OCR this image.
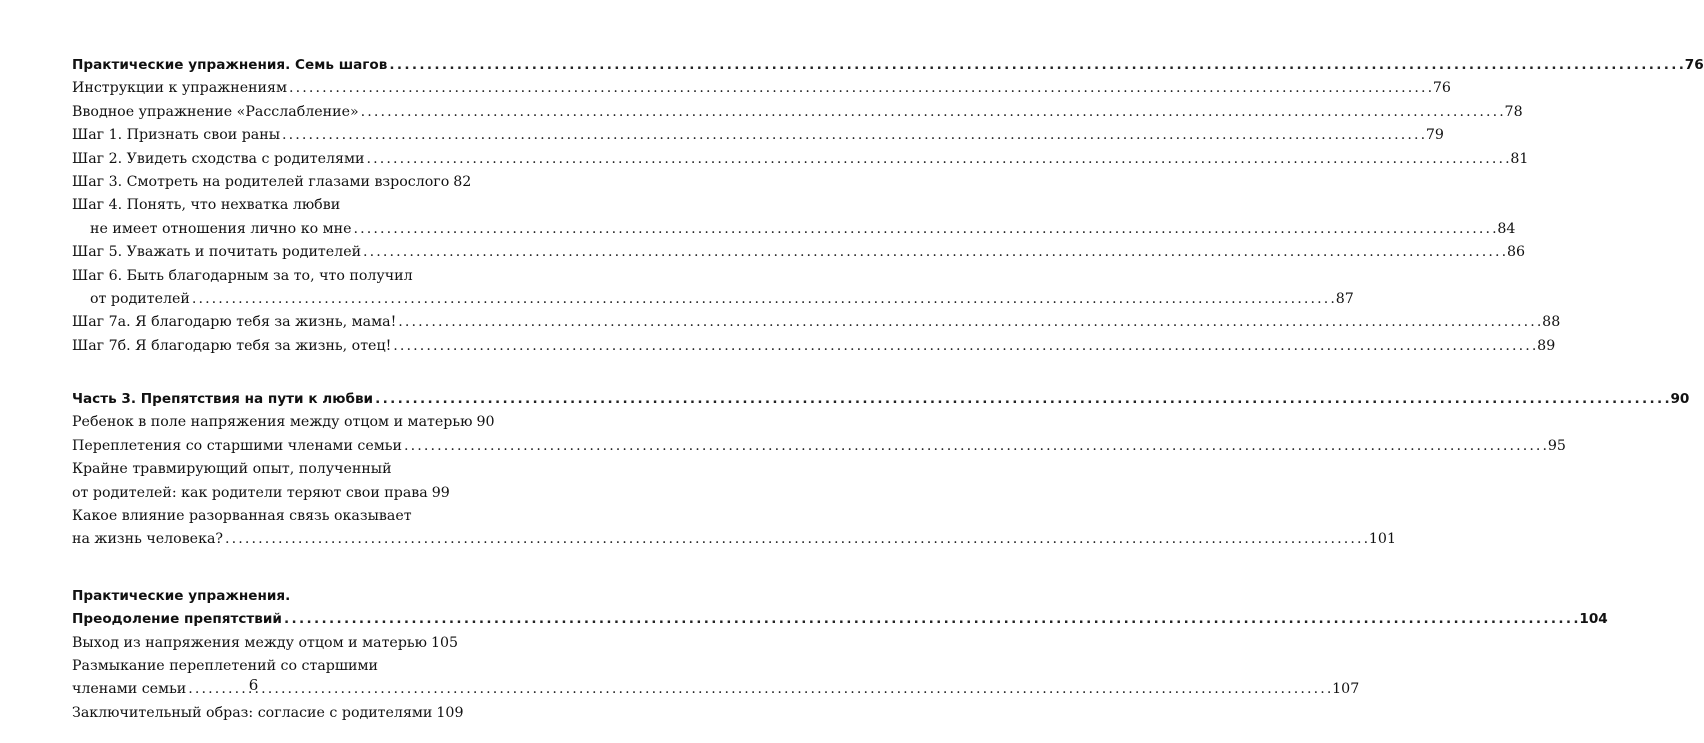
Практические упражнения. Семь шагов . . .	76
Инструкции к упражнениям . . .	76
Вводное упражнение «Расслабление» . . .	78
Шаг 1. Признать свои раны . . .	79
Шаг 2. Увидеть сходства с родителями . . .	81
Шаг 3. Смотреть на родителей глазами взрослого 82
Шаг 4. Понять, что нехватка любви
не имеет отношения лично ко мне . . .	84
Шаг 5. Уважать и почитать родителей . . .	86
Шаг 6. Быть благодарным за то, что получил
от родителей . . .	87
Шаг 7а. Я благодарю тебя за жизнь, мама! . . .	88
Шаг 7б. Я благодарю тебя за жизнь, отец! . . .	89
Часть 3. Препятствия на пути к любви . . .	90
Ребенок в поле напряжения между отцом и матерью 90
Переплетения со старшими членами семьи . . .	95
Крайне травмирующий опыт, полученный
от родителей: как родители теряют свои права 99
Какое влияние разорванная связь оказывает
на жизнь человека? . . .	101
Практические упражнения.
Преодоление препятствий . . .	104
Выход из напряжения между отцом и матерью 105
Размыкание переплетений со старшими
членами семьи . . .	107
Заключительный образ: согласие с родителями 109
6
